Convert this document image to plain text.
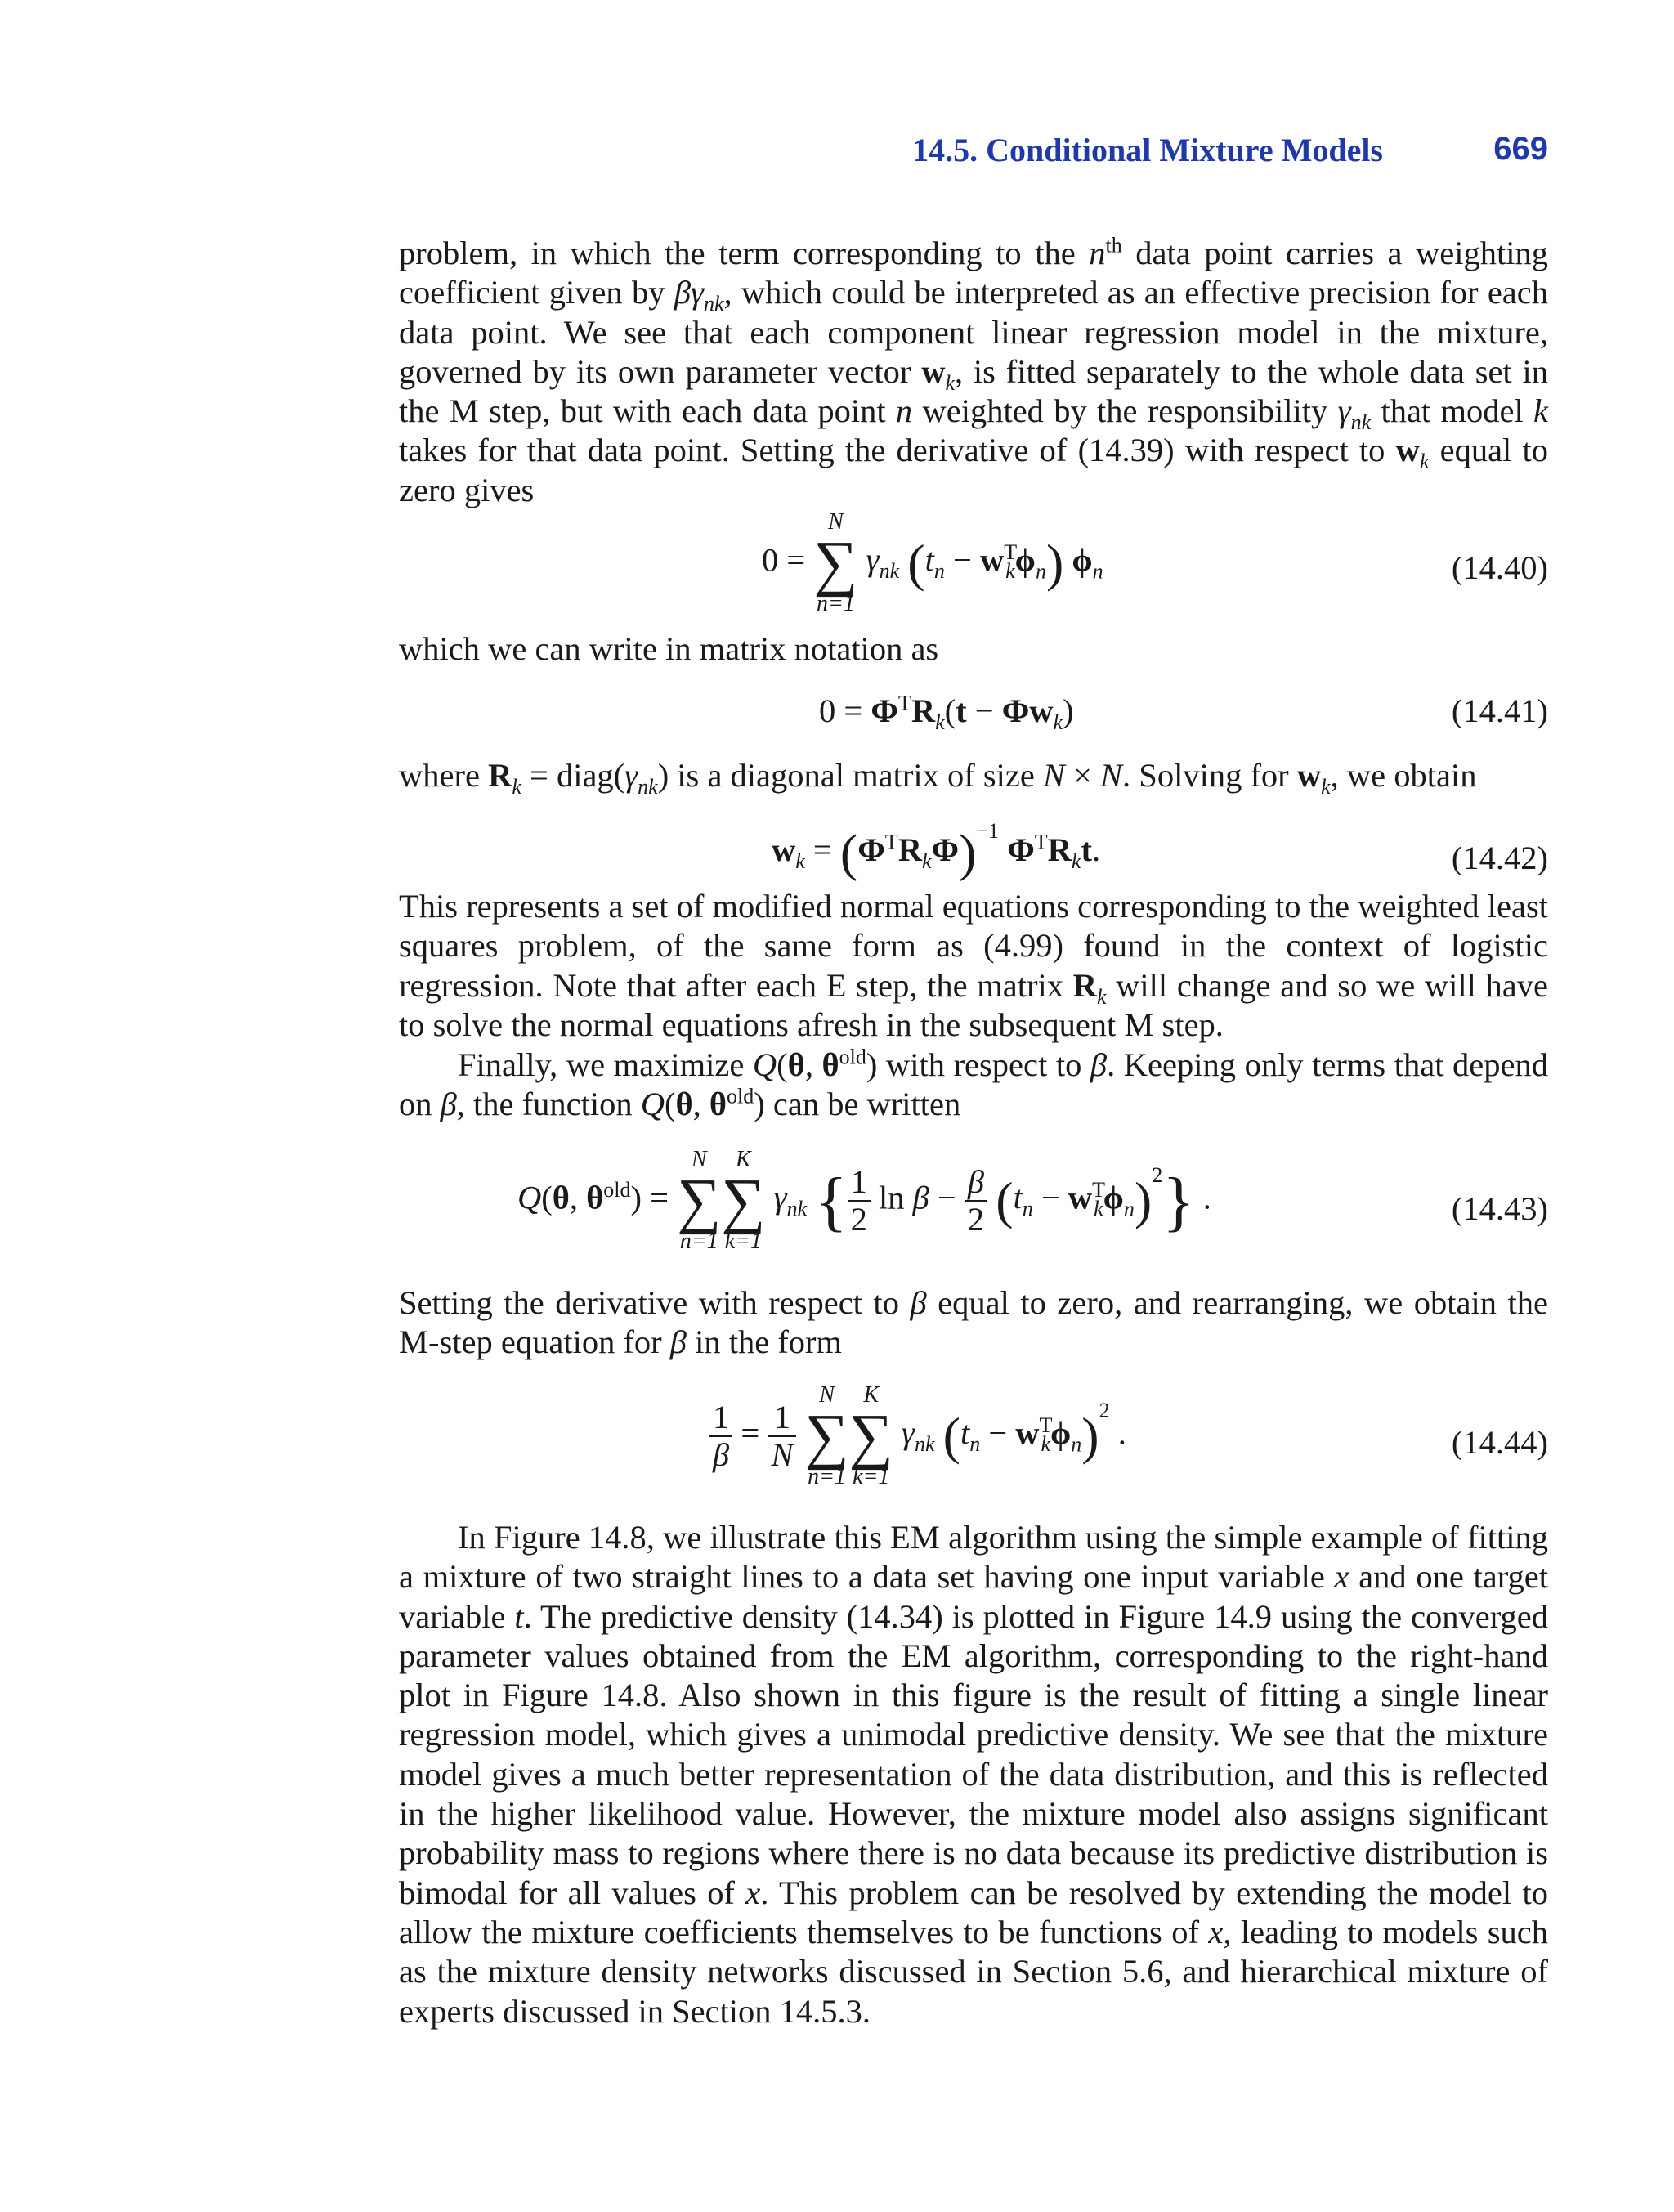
14.5. Conditional Mixture Models	669

problem, in which the term corresponding to the $n^{th}$ data point carries a weighting coefficient given by $\beta\gamma_{nk}$, which could be interpreted as an effective precision for each data point. We see that each component linear regression model in the mixture, governed by its own parameter vector $w_k$, is fitted separately to the whole data set in the M step, but with each data point n weighted by the responsibility $\gamma_{nk}$ that model k takes for that data point. Setting the derivative of (14.39) with respect to $w_k$ equal to zero gives

0 =
N
∑
n=1
$\gamma_{nk}$ $(t_n - w^T_k\phi_n)$ $\phi_n$	(14.40)

which we can write in matrix notation as

$0 = \Phi^TR_k(t - \Phi w_k)$	(14.41)

where $R_k$ = $diag(\gamma_{nk})$ is a diagonal matrix of size N × N. Solving for $w_k$, we obtain

$w_k = (\Phi^TR_k\Phi)^{-1}$ $\Phi^TR_kt$.	(14.42)

This represents a set of modified normal equations corresponding to the weighted least squares problem, of the same form as (4.99) found in the context of logistic regression. Note that after each E step, the matrix $R_k$ will change and so we will have to solve the normal equations afresh in the subsequent M step.

Finally, we maximize Q(θ, $\theta^{old}$) with respect to β. Keeping only terms that depend on β, the function Q(θ, $\theta^{old}$) can be written

Q(θ, $\theta^{old}$) =
N
∑
n=1
K
∑
k=1
$\gamma_{nk}$ { $\frac{1}{2}$ $\ln \beta - \frac{\beta}{2} (t_n - w^T_k\phi_n)^2$} .	(14.43)

Setting the derivative with respect to β equal to zero, and rearranging, we obtain the M-step equation for β in the form

$\frac{1}{\beta} = \frac{1}{N}$

N
∑
n=1
K
∑
k=1
$\gamma_{nk}$ $(t_n - w^T_k\phi_n)^2$ .	(14.44)

In Figure 14.8, we illustrate this EM algorithm using the simple example of fitting a mixture of two straight lines to a data set having one input variable x and one target variable t. The predictive density (14.34) is plotted in Figure 14.9 using the converged parameter values obtained from the EM algorithm, corresponding to the right-hand plot in Figure 14.8. Also shown in this figure is the result of fitting a single linear regression model, which gives a unimodal predictive density. We see that the mixture model gives a much better representation of the data distribution, and this is reflected in the higher likelihood value. However, the mixture model also assigns significant probability mass to regions where there is no data because its predictive distribution is bimodal for all values of x. This problem can be resolved by extending the model to allow the mixture coefficients themselves to be functions of x, leading to models such as the mixture density networks discussed in Section 5.6, and hierarchical mixture of experts discussed in Section 14.5.3.
